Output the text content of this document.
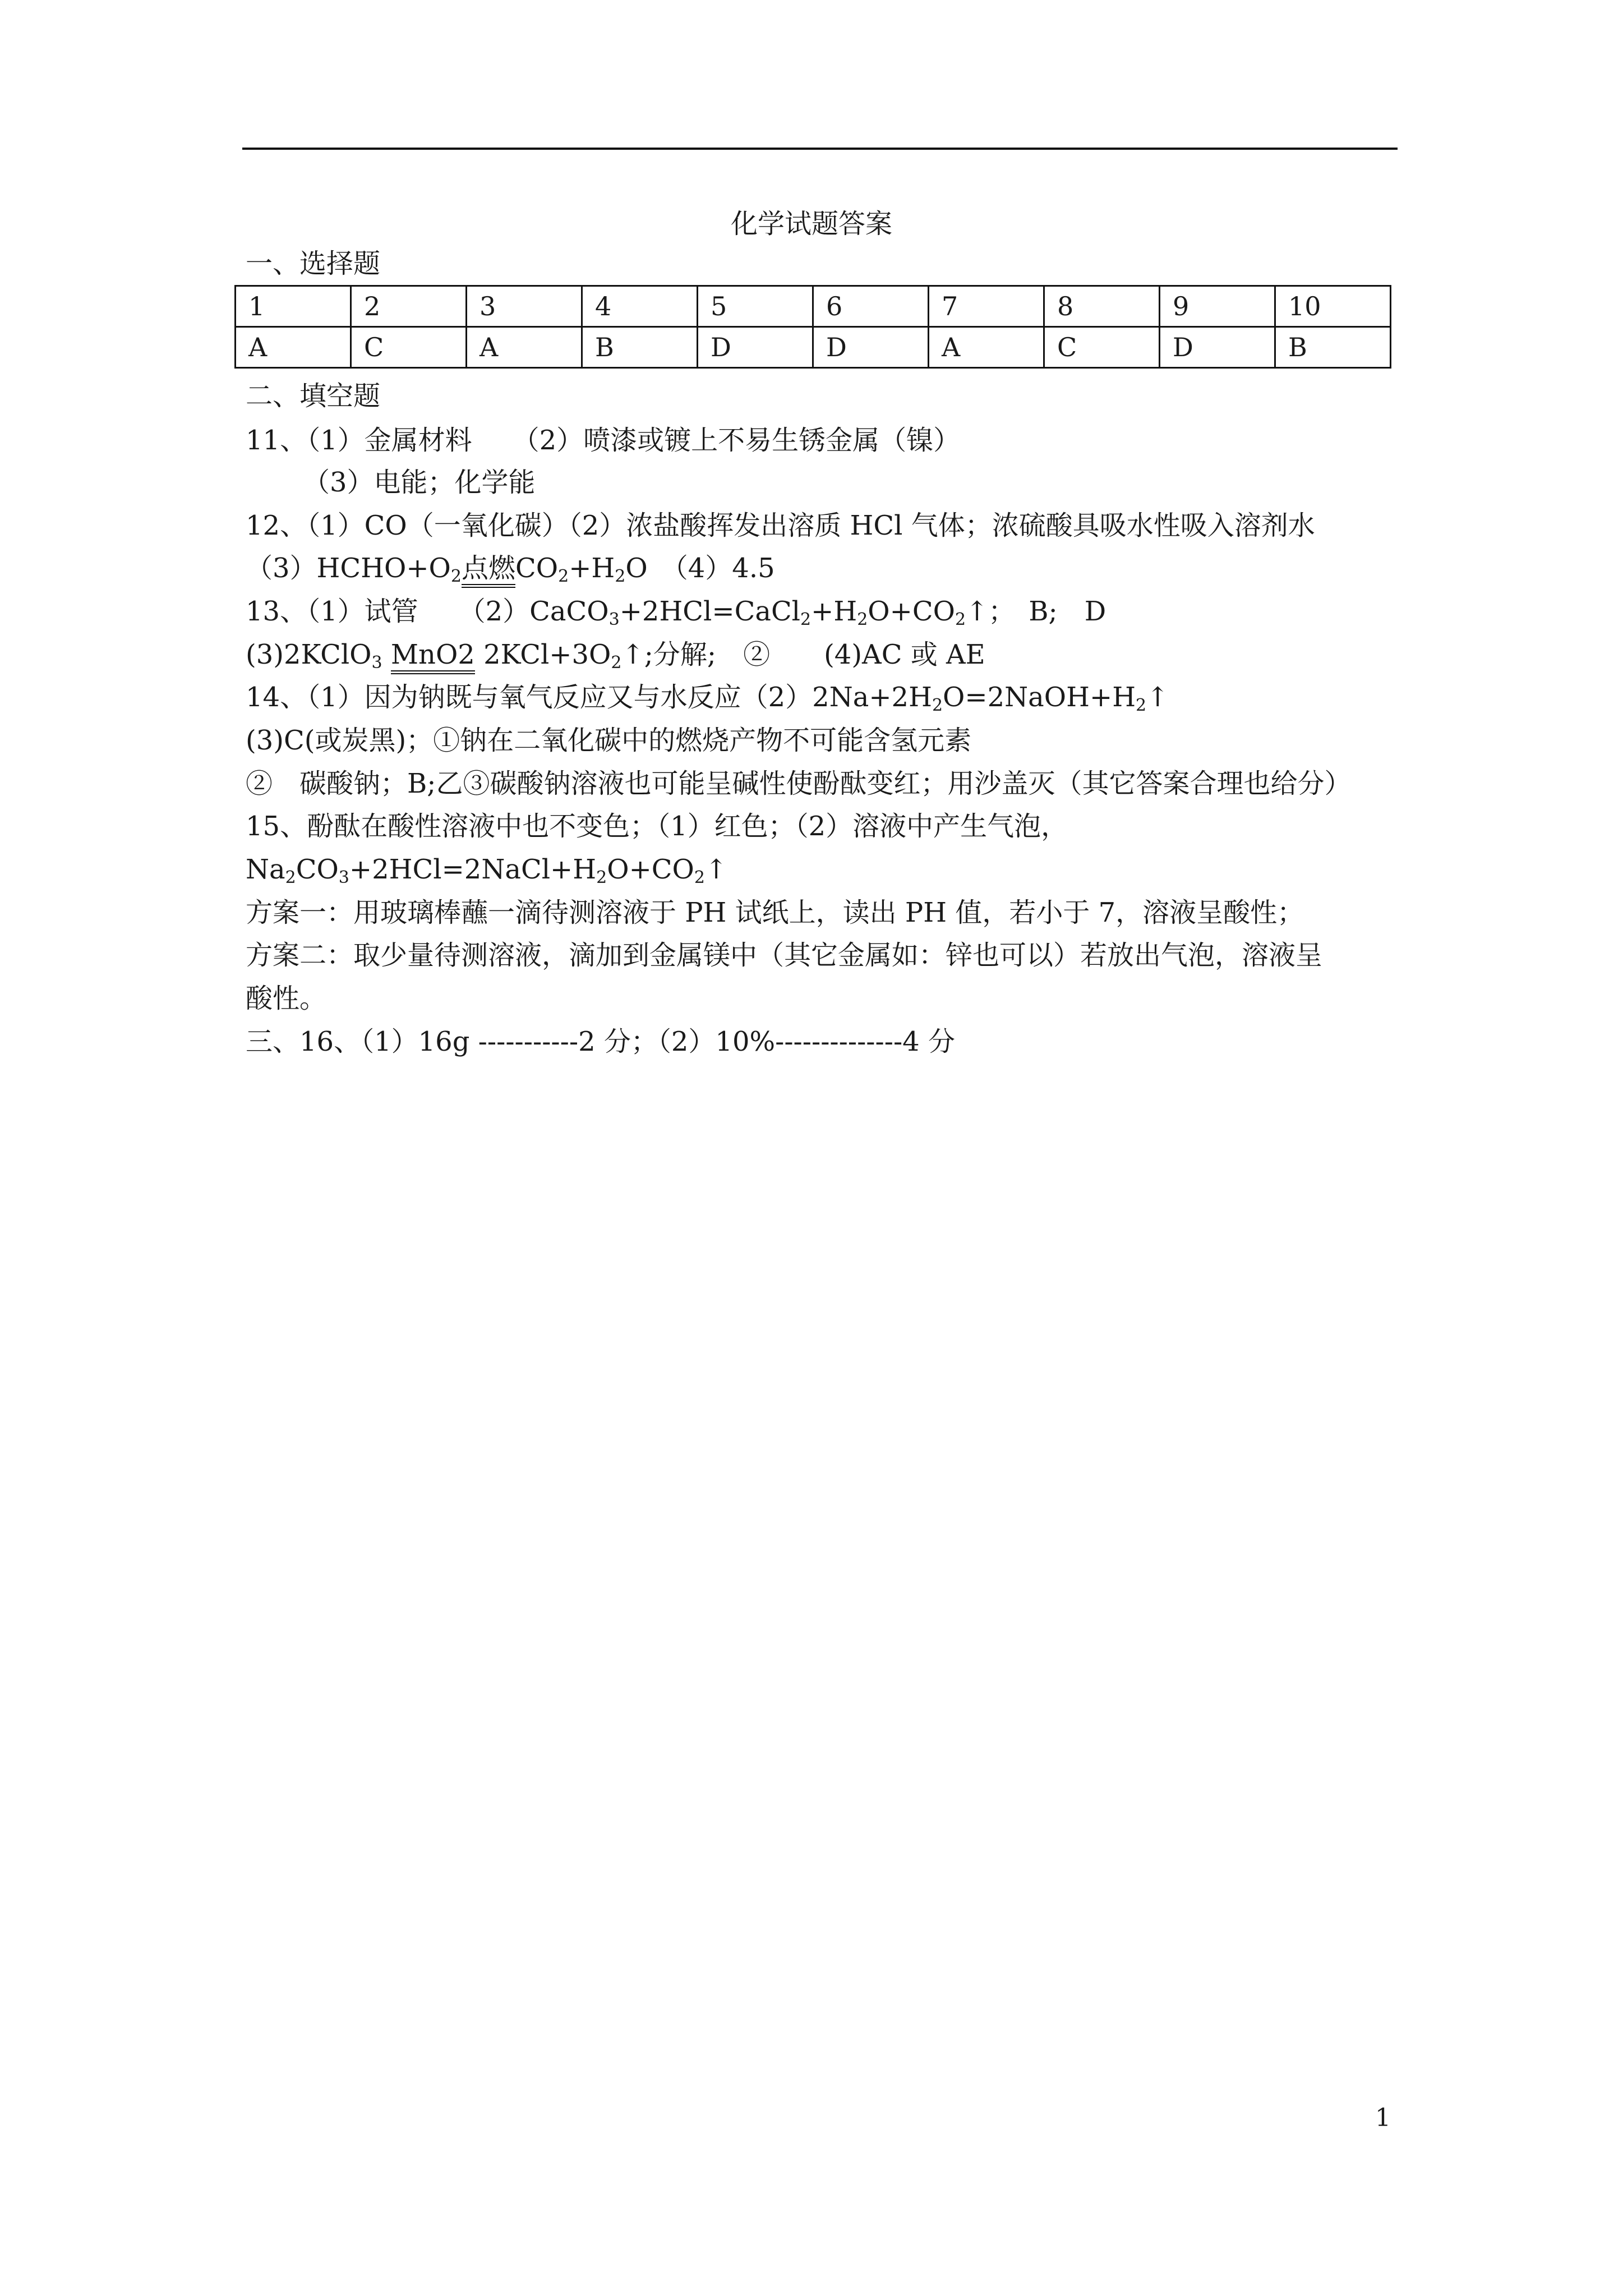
化学试题答案
一、选择题
1	2	3	4	5	6	7	8	9	10
A	C	A	B	D	D	A	C	D	B
二、填空题
11、（1）金属材料　　（2）喷漆或镀上不易生锈金属（镍）
（3）电能；化学能
12、（1）CO（一氧化碳）（2）浓盐酸挥发出溶质 HCl 气体；浓硫酸具吸水性吸入溶剂水
$(3)HCHO+O_2$点燃$CO_2+H_2O$　（4）4.5
13、（1）试管　　$(2)CaCO_3+2HCl=CaCl_2+H_2O+CO_2↑$；　B;　D
(3)2KClO$_3$ MnO2 $2KCl+3O_2↑$;分解;　②　　(4)AC 或 AE
14、（1）因为钠既与氧气反应又与水反应$(2)2Na+2H_2O=2NaOH+H_2↑$
(3)C(或炭黑)；①钠在二氧化碳中的燃烧产物不可能含氢元素
②　碳酸钠；B;乙③碳酸钠溶液也可能呈碱性使酚酞变红；用沙盖灭（其它答案合理也给分）
15、酚酞在酸性溶液中也不变色；（1）红色；（2）溶液中产生气泡，
$Na_2CO_3+2HCl=2NaCl+H_2O+CO_2↑$
方案一：用玻璃棒蘸一滴待测溶液于 PH 试纸上，读出 PH 值，若小于 7，溶液呈酸性；
方案二：取少量待测溶液，滴加到金属镁中（其它金属如：锌也可以）若放出气泡，溶液呈
酸性。
三、16、（1）16g -----------2 分；（2）10%--------------4 分
1
